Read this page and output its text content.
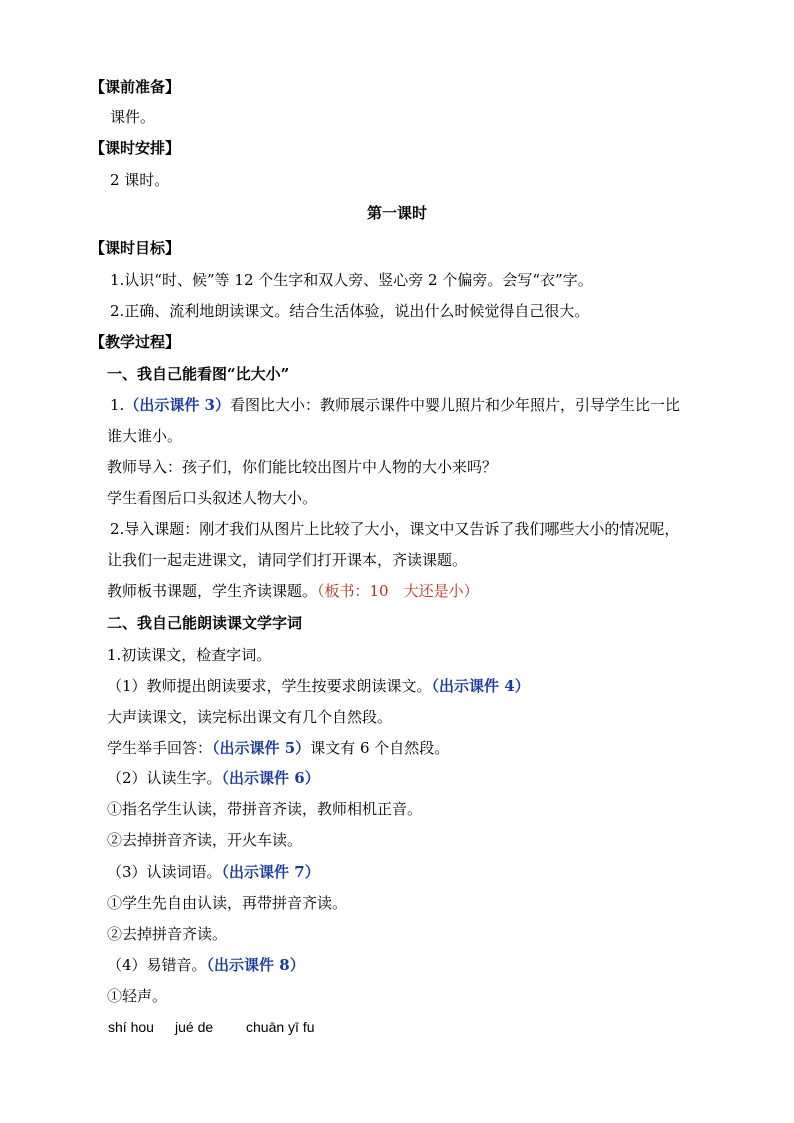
【课前准备】
课件。
【课时安排】
2 课时。
第一课时
【课时目标】
1.认识“时、候”等 12 个生字和双人旁、竖心旁 2 个偏旁。会写“衣”字。
2.正确、流利地朗读课文。结合生活体验，说出什么时候觉得自己很大。
【教学过程】
一、我自己能看图“比大小”
1.（出示课件 3）看图比大小：教师展示课件中婴儿照片和少年照片，引导学生比一比
谁大谁小。
教师导入：孩子们，你们能比较出图片中人物的大小来吗？
学生看图后口头叙述人物大小。
2.导入课题：刚才我们从图片上比较了大小，课文中又告诉了我们哪些大小的情况呢，
让我们一起走进课文，请同学们打开课本，齐读课题。
教师板书课题，学生齐读课题。（板书：10　大还是小）
二、我自己能朗读课文学字词
1.初读课文，检查字词。
（1）教师提出朗读要求，学生按要求朗读课文。（出示课件 4）
大声读课文，读完标出课文有几个自然段。
学生举手回答：（出示课件 5）课文有 6 个自然段。
（2）认读生字。（出示课件 6）
①指名学生认读，带拼音齐读，教师相机正音。
②去掉拼音齐读，开火车读。
（3）认读词语。（出示课件 7）
①学生先自由认读，再带拼音齐读。
②去掉拼音齐读。
（4）易错音。（出示课件 8）
①轻声。
shí hou jué de chuān yī fu
